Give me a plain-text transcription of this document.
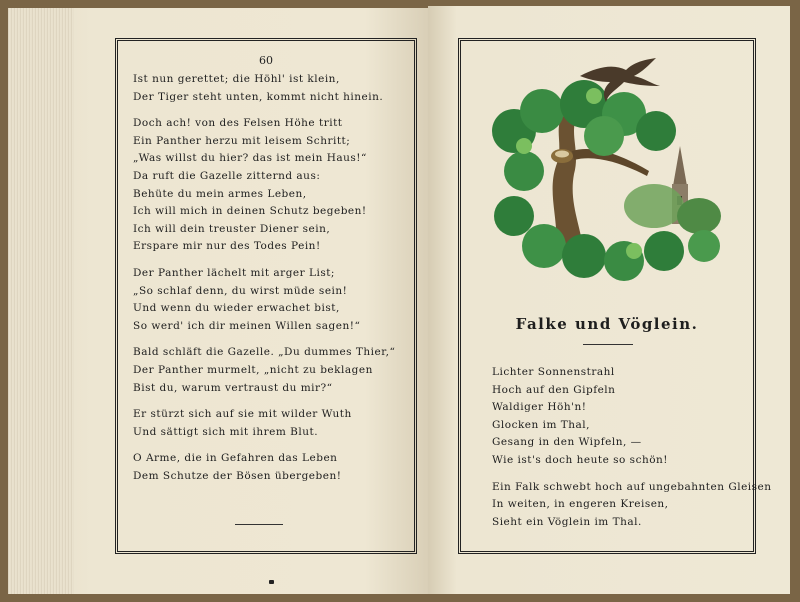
60
Ist nun gerettet; die Höhl' ist klein,
Der Tiger steht unten, kommt nicht hinein.
Doch ach! von des Felsen Höhe tritt
Ein Panther herzu mit leisem Schritt;
„Was willst du hier? das ist mein Haus!“
Da ruft die Gazelle zitternd aus:
Behüte du mein armes Leben,
Ich will mich in deinen Schutz begeben!
Ich will dein treuster Diener sein,
Erspare mir nur des Todes Pein!
Der Panther lächelt mit arger List;
„So schlaf denn, du wirst müde sein!
Und wenn du wieder erwachet bist,
So werd' ich dir meinen Willen sagen!“
Bald schläft die Gazelle. „Du dummes Thier,“
Der Panther murmelt, „nicht zu beklagen
Bist du, warum vertraust du mir?“
Er stürzt sich auf sie mit wilder Wuth
Und sättigt sich mit ihrem Blut.
O Arme, die in Gefahren das Leben
Dem Schutze der Bösen übergeben!
Falke und Vöglein.
Lichter Sonnenstrahl
Hoch auf den Gipfeln
Waldiger Höh'n!
Glocken im Thal,
Gesang in den Wipfeln, —
Wie ist's doch heute so schön!
Ein Falk schwebt hoch auf ungebahnten Gleisen
In weiten, in engeren Kreisen,
Sieht ein Vöglein im Thal.
